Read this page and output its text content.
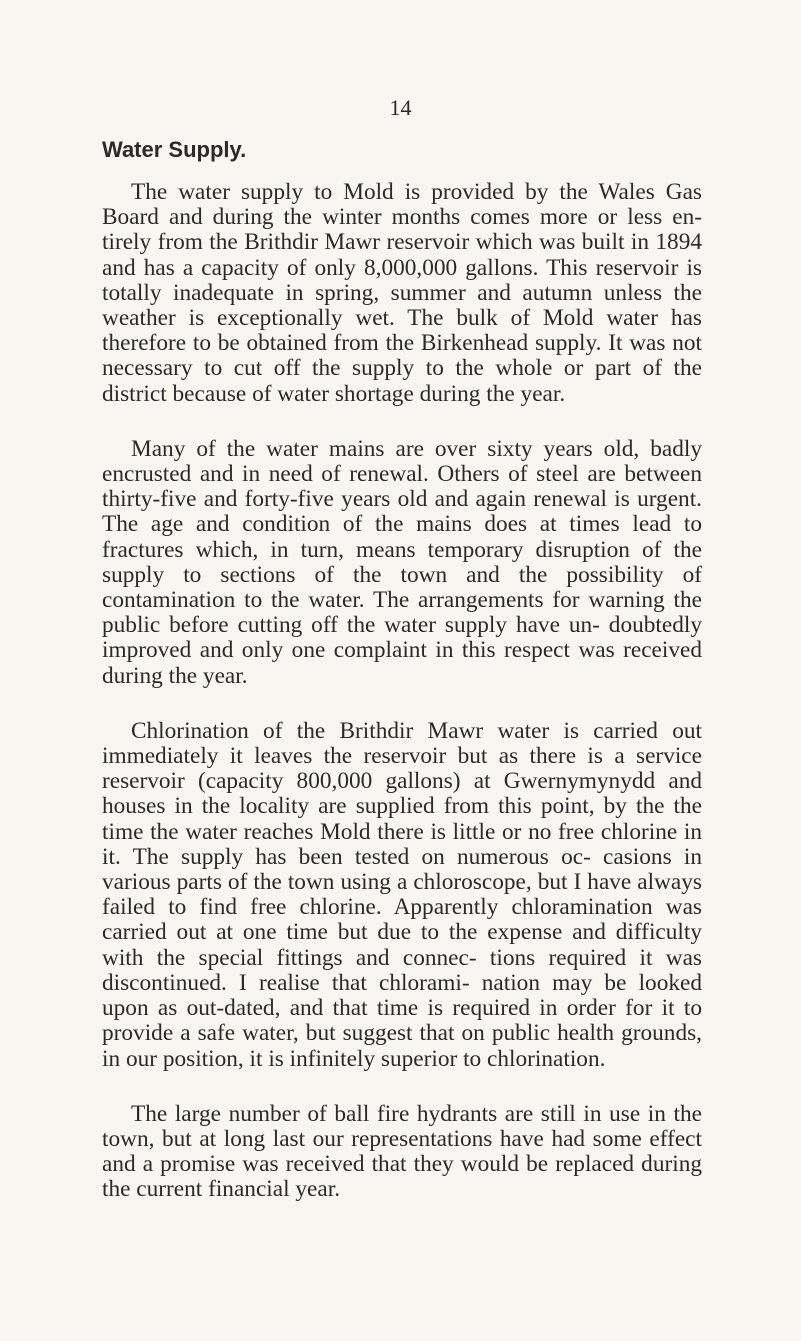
14
Water Supply.

The water supply to Mold is provided by the Wales Gas Board and during the winter months comes more or less en- tirely from the Brithdir Mawr reservoir which was built in 1894 and has a capacity of only 8,000,000 gallons. This reservoir is totally inadequate in spring, summer and autumn unless the weather is exceptionally wet. The bulk of Mold water has therefore to be obtained from the Birkenhead supply. It was not necessary to cut off the supply to the whole or part of the district because of water shortage during the year.

Many of the water mains are over sixty years old, badly encrusted and in need of renewal. Others of steel are between thirty-five and forty-five years old and again renewal is urgent. The age and condition of the mains does at times lead to fractures which, in turn, means temporary disruption of the supply to sections of the town and the possibility of contamination to the water. The arrangements for warning the public before cutting off the water supply have un- doubtedly improved and only one complaint in this respect was received during the year.

Chlorination of the Brithdir Mawr water is carried out immediately it leaves the reservoir but as there is a service reservoir (capacity 800,000 gallons) at Gwernymynydd and houses in the locality are supplied from this point, by the the time the water reaches Mold there is little or no free chlorine in it. The supply has been tested on numerous oc- casions in various parts of the town using a chloroscope, but I have always failed to find free chlorine. Apparently chloramination was carried out at one time but due to the expense and difficulty with the special fittings and connec- tions required it was discontinued. I realise that chlorami- nation may be looked upon as out-dated, and that time is required in order for it to provide a safe water, but suggest that on public health grounds, in our position, it is infinitely superior to chlorination.

The large number of ball fire hydrants are still in use in the town, but at long last our representations have had some effect and a promise was received that they would be replaced during the current financial year.
